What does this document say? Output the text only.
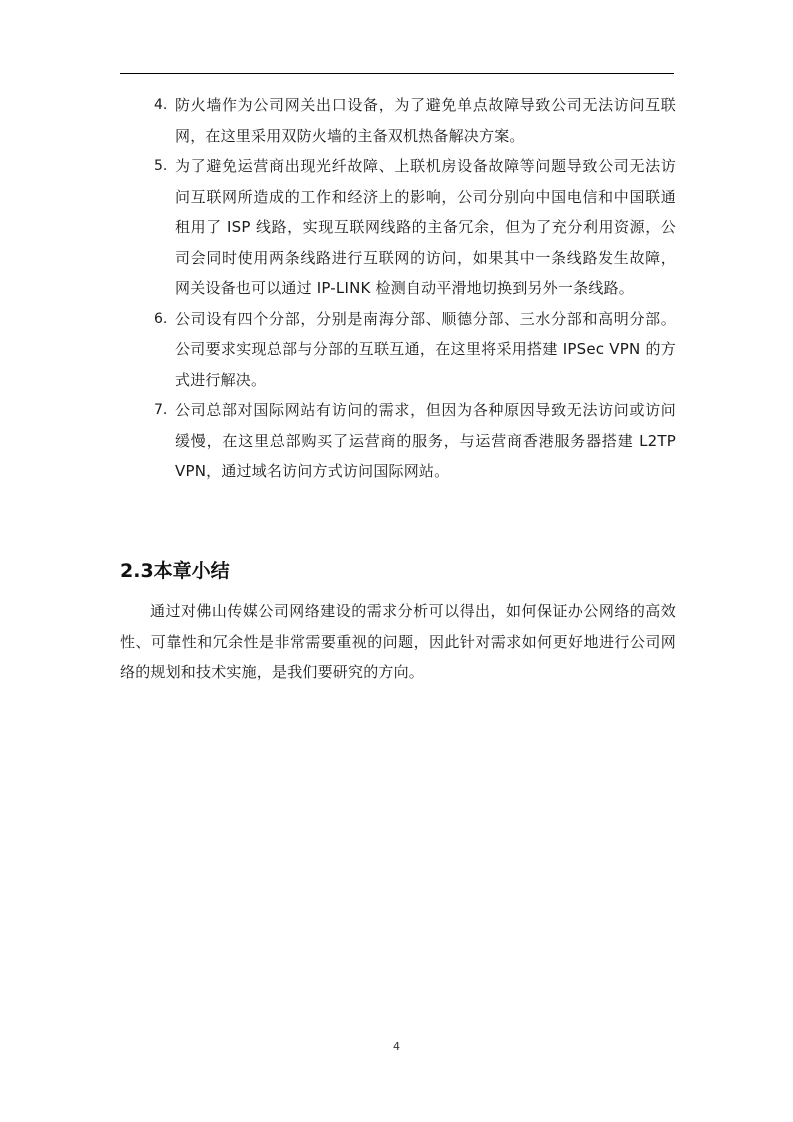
4. 防火墙作为公司网关出口设备，为了避免单点故障导致公司无法访问互联网，在这里采用双防火墙的主备双机热备解决方案。
5. 为了避免运营商出现光纤故障、上联机房设备故障等问题导致公司无法访问互联网所造成的工作和经济上的影响，公司分别向中国电信和中国联通租用了 ISP 线路，实现互联网线路的主备冗余，但为了充分利用资源，公司会同时使用两条线路进行互联网的访问，如果其中一条线路发生故障，网关设备也可以通过 IP-LINK 检测自动平滑地切换到另外一条线路。
6. 公司设有四个分部，分别是南海分部、顺德分部、三水分部和高明分部。公司要求实现总部与分部的互联互通，在这里将采用搭建 IPSec VPN 的方式进行解决。
7. 公司总部对国际网站有访问的需求，但因为各种原因导致无法访问或访问缓慢，在这里总部购买了运营商的服务，与运营商香港服务器搭建 L2TP VPN，通过域名访问方式访问国际网站。
2.3本章小结

通过对佛山传媒公司网络建设的需求分析可以得出，如何保证办公网络的高效性、可靠性和冗余性是非常需要重视的问题，因此针对需求如何更好地进行公司网络的规划和技术实施，是我们要研究的方向。

4
